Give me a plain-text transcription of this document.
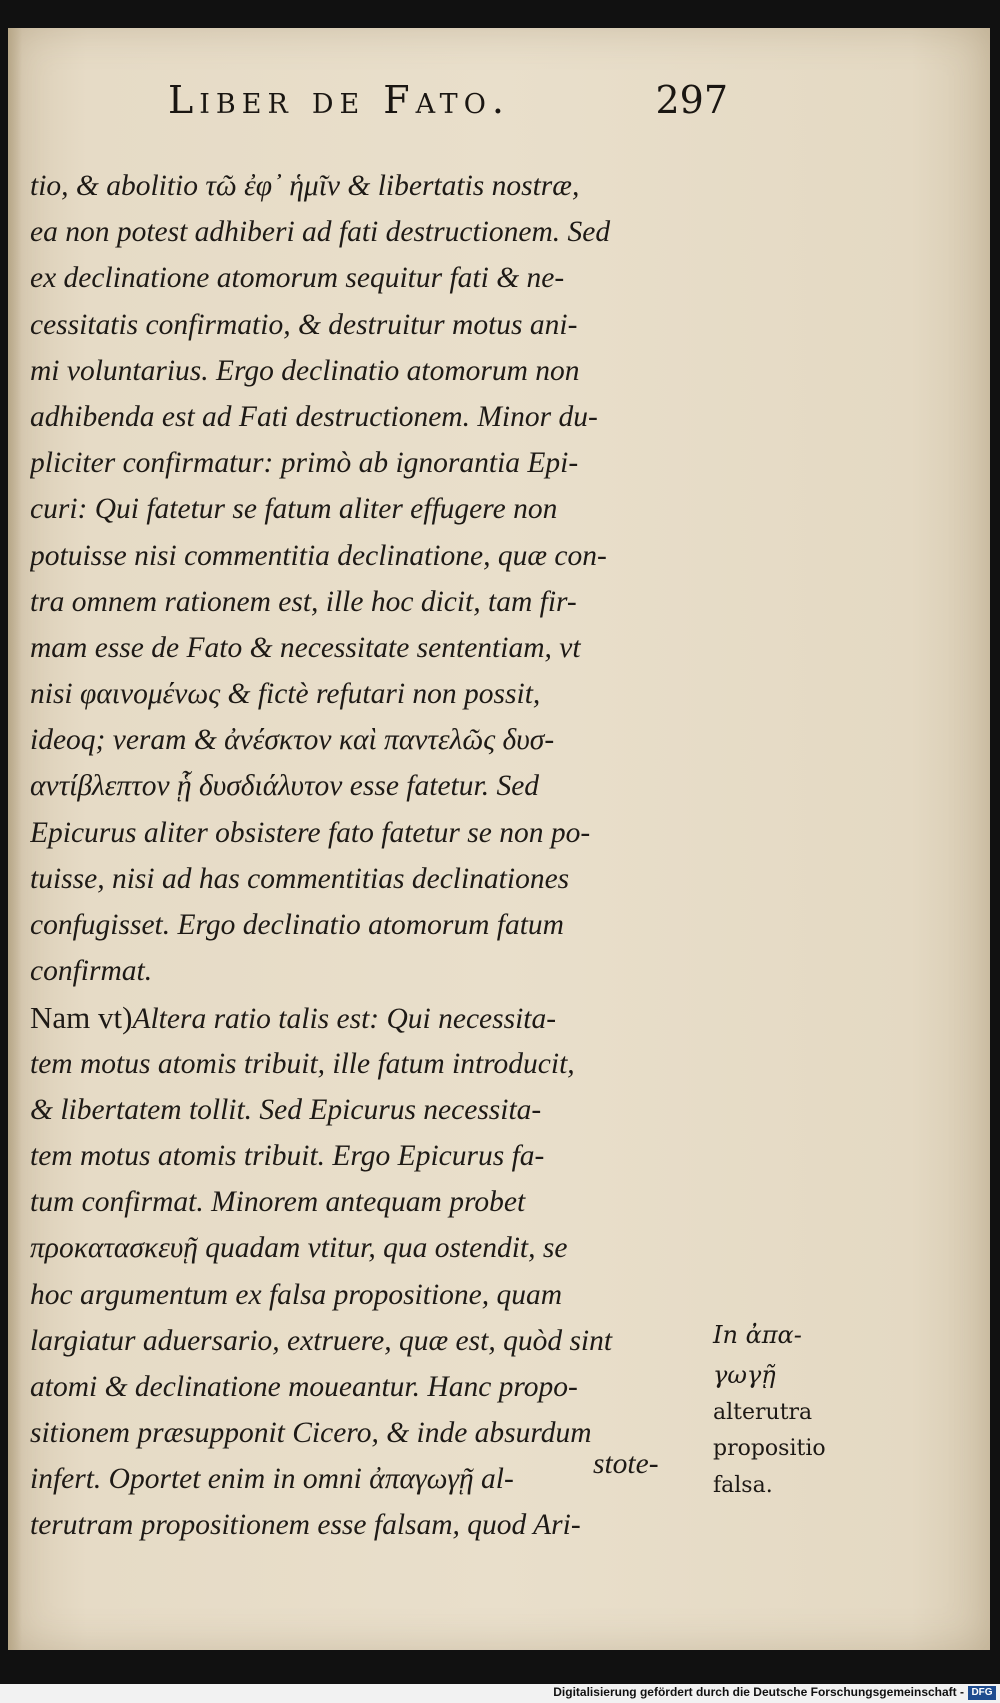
Liber de Fato.	297
tio, & abolitio τῶ ἐφ᾽ ἡμῖν & libertatis nostræ,
ea non potest adhiberi ad fati destructionem. Sed
ex declinatione atomorum sequitur fati & ne-
cessitatis confirmatio, & destruitur motus ani-
mi voluntarius. Ergo declinatio atomorum non
adhibenda est ad Fati destructionem. Minor du-
pliciter confirmatur: primò ab ignorantia Epi-
curi: Qui fatetur se fatum aliter effugere non
potuisse nisi commentitia declinatione, quæ con-
tra omnem rationem est, ille hoc dicit, tam fir-
mam esse de Fato & necessitate sententiam, vt
nisi φαινομένως & fictè refutari non possit,
ideoq; veram & ἀνέσκτον καὶ παντελῶς δυσ-
αντίβλεπτον ᾗ δυσδιάλυτον esse fatetur. Sed
Epicurus aliter obsistere fato fatetur se non po-
tuisse, nisi ad has commentitias declinationes
confugisset. Ergo declinatio atomorum fatum
confirmat.
Nam vt)Altera ratio talis est: Qui necessita-
tem motus atomis tribuit, ille fatum introducit,
& libertatem tollit. Sed Epicurus necessita-
tem motus atomis tribuit. Ergo Epicurus fa-
tum confirmat. Minorem antequam probet
προκατασκευῇ quadam vtitur, qua ostendit, se
hoc argumentum ex falsa propositione, quam
largiatur aduersario, extruere, quæ est, quòd sint
atomi & declinatione moueantur. Hanc propo-
sitionem præsupponit Cicero, & inde absurdum
infert. Oportet enim in omni ἀπαγωγῇ al-
terutram propositionem esse falsam, quod Ari-
stote-
In ἀπα-
γωγῇ
alterutra
propositio
falsa.
Digitalisierung gefördert durch die Deutsche Forschungsgemeinschaft - DFG
